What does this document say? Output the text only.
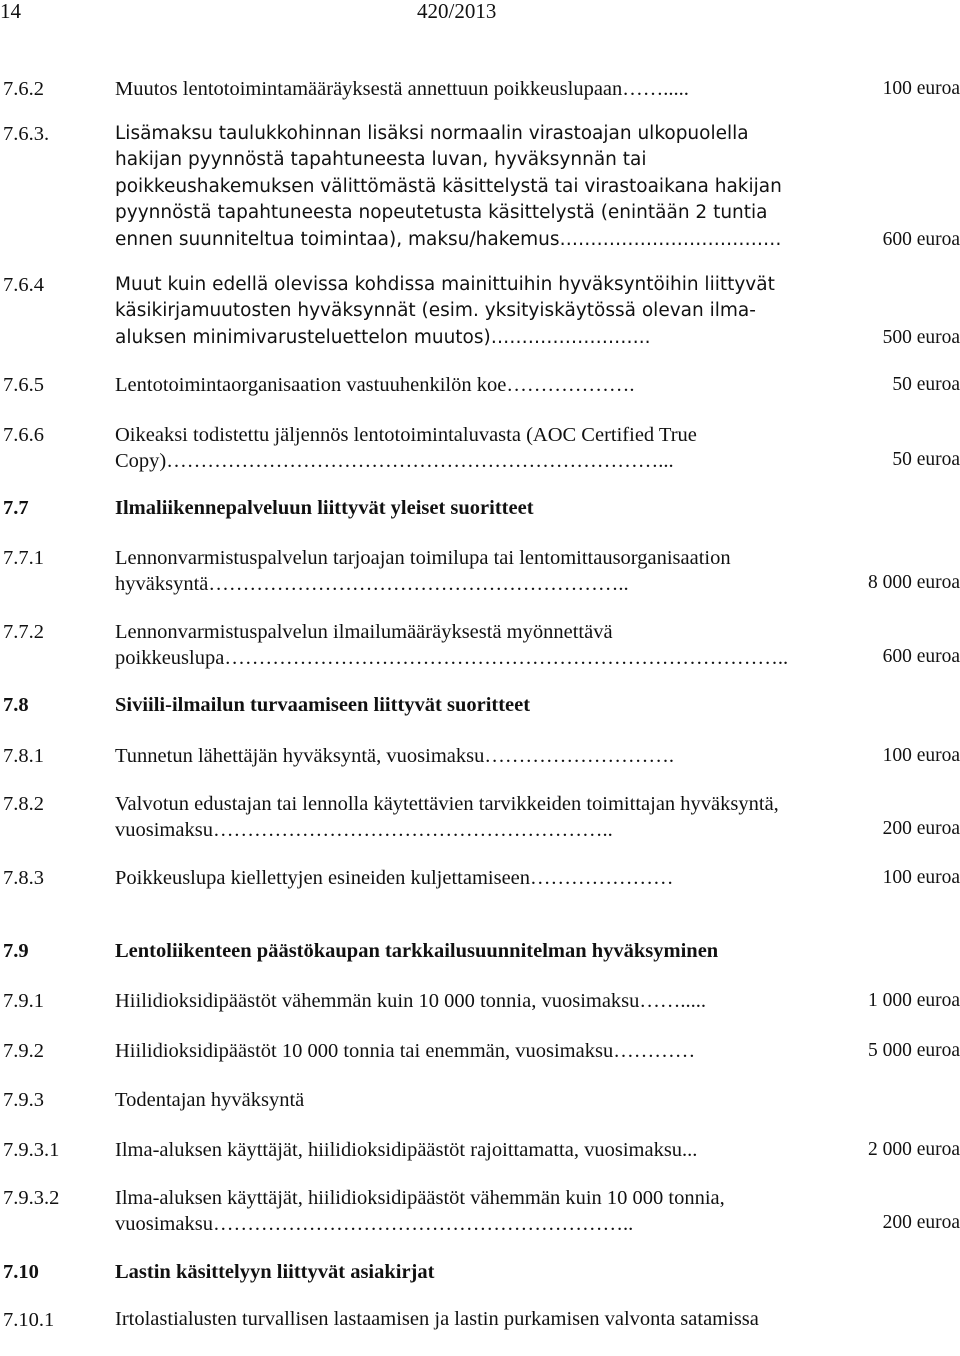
14	420/2013
7.6.2	Muutos lentotoimintamääräyksestä annettuun poikkeuslupaan…….....	100 euroa
7.6.3.	Lisämaksu taulukkohinnan lisäksi normaalin virastoajan ulkopuolella hakijan pyynnöstä tapahtuneesta luvan, hyväksynnän tai poikkeushakemuksen välittömästä käsittelystä tai virastoaikana hakijan pyynnöstä tapahtuneesta nopeutetusta käsittelystä (enintään 2 tuntia ennen suunniteltua toimintaa), maksu/hakemus………………………………	600 euroa
7.6.4	Muut kuin edellä olevissa kohdissa mainittuihin hyväksyntöihin liittyvät käsikirjamuutosten hyväksynnät (esim. yksityiskäytössä olevan ilma-aluksen minimivarusteluettelon muutos)……………………..	500 euroa
7.6.5	Lentotoimintaorganisaation vastuuhenkilön koe……………….	50 euroa
7.6.6	Oikeaksi todistettu jäljennös lentotoimintaluvasta (AOC Certified True Copy)………………………………………………………………...	50 euroa
7.7	Ilmaliikennepalveluun liittyvät yleiset suoritteet
7.7.1	Lennonvarmistuspalvelun tarjoajan toimilupa tai lentomittausorganisaation hyväksyntä……………………………………………………..	8 000 euroa
7.7.2	Lennonvarmistuspalvelun ilmailumääräyksestä myönnettävä poikkeuslupa………………………………………………………………………..	600 euroa
7.8	Siviili-ilmailun turvaamiseen liittyvät suoritteet
7.8.1	Tunnetun lähettäjän hyväksyntä, vuosimaksu……………………….	100 euroa
7.8.2	Valvotun edustajan tai lennolla käytettävien tarvikkeiden toimittajan hyväksyntä, vuosimaksu…………………………………………………..	200 euroa
7.8.3	Poikkeuslupa kiellettyjen esineiden kuljettamiseen…………………	100 euroa
7.9	Lentoliikenteen päästökaupan tarkkailusuunnitelman hyväksyminen
7.9.1	Hiilidioksidipäästöt vähemmän kuin 10 000 tonnia, vuosimaksu…….....	1 000 euroa
7.9.2	Hiilidioksidipäästöt 10 000 tonnia tai enemmän, vuosimaksu…………	5 000 euroa
7.9.3	Todentajan hyväksyntä
7.9.3.1	Ilma-aluksen käyttäjät, hiilidioksidipäästöt rajoittamatta, vuosimaksu...	2 000 euroa
7.9.3.2	Ilma-aluksen käyttäjät, hiilidioksidipäästöt vähemmän kuin 10 000 tonnia, vuosimaksu……………………………………………………..	200 euroa
7.10	Lastin käsittelyyn liittyvät asiakirjat
7.10.1	Irtolastialusten turvallisen lastaamisen ja lastin purkamisen valvonta satamissa
